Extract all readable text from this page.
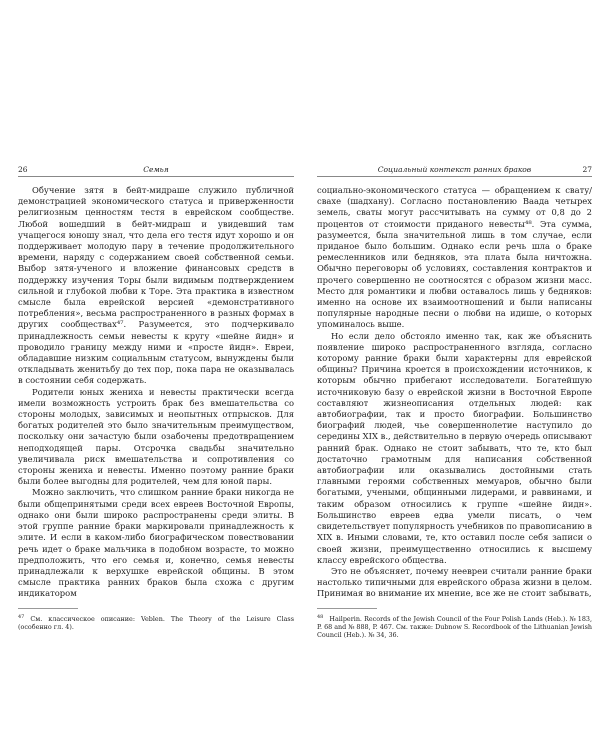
26	Семья

Обучение зятя в бейт-мидраше служило публичной демонстрацией экономического статуса и приверженности религиозным ценностям тестя в еврейском сообществе. Любой вошедший в бейт-мидраш и увидевший там учащегося юношу знал, что дела его тестя идут хорошо и он поддерживает молодую пару в течение продолжительного времени, наряду с содержанием своей собственной семьи. Выбор зятя-ученого и вложение финансовых средств в поддержку изучения Торы были видимым подтверждением сильной и глубокой любви к Торе. Эта практика в известном смысле была еврейской версией «демонстративного потребления», весьма распространенного в разных формах в других сообществах⁴⁷. Разумеется, это подчеркивало принадлежность семьи невесты к кругу «шейне йидн» и проводило границу между ними и «просте йидн». Евреи, обладавшие низким социальным статусом, вынуждены были откладывать женитьбу до тех пор, пока пара не оказывалась в состоянии себя содержать.

Родители юных жениха и невесты практически всегда имели возможность устроить брак без вмешательства со стороны молодых, зависимых и неопытных отпрысков. Для богатых родителей это было значительным преимуществом, поскольку они зачастую были озабочены предотвращением неподходящей пары. Отсрочка свадьбы значительно увеличивала риск вмешательства и сопротивления со стороны жениха и невесты. Именно поэтому ранние браки были более выгодны для родителей, чем для юной пары.

Можно заключить, что слишком ранние браки никогда не были общепринятыми среди всех евреев Восточной Европы, однако они были широко распространены среди элиты. В этой группе ранние браки маркировали принадлежность к элите. И если в каком-либо биографическом повествовании речь идет о браке мальчика в подобном возрасте, то можно предположить, что его семья и, конечно, семья невесты принадлежали к верхушке еврейской общины. В этом смысле практика ранних браков была схожа с другим индикатором

$^{47}$ См. классическое описание: Veblen. The Theory of the Leisure Class (особенно гл. 4).
Социальный контекст ранних браков	27

социально-экономического статуса — обращением к свату/свахе (шадхану). Согласно постановлению Ваада четырех земель, сваты могут рассчитывать на сумму от 0,8 до 2 процентов от стоимости приданого невесты⁴⁸. Эта сумма, разумеется, была значительной лишь в том случае, если приданое было большим. Однако если речь шла о браке ремесленников или бедняков, эта плата была ничтожна. Обычно переговоры об условиях, составления контрактов и прочего совершенно не соотносятся с образом жизни масс. Место для романтики и любви оставалось лишь у бедняков: именно на основе их взаимоотношений и были написаны популярные народные песни о любви на идише, о которых упоминалось выше.

Но если дело обстояло именно так, как же объяснить появление широко распространенного взгляда, согласно которому ранние браки были характерны для еврейской общины? Причина кроется в происхождении источников, к которым обычно прибегают исследователи. Богатейшую источниковую базу о еврейской жизни в Восточной Европе составляют жизнеописания отдельных людей: как автобиографии, так и просто биографии. Большинство биографий людей, чье совершеннолетие наступило до середины XIX в., действительно в первую очередь описывают ранний брак. Однако не стоит забывать, что те, кто был достаточно грамотным для написания собственной автобиографии или оказывались достойными стать главными героями собственных мемуаров, обычно были богатыми, учеными, общинными лидерами, и раввинами, и таким образом относились к группе «шейне йидн». Большинство евреев едва умели писать, о чем свидетельствует популярность учебников по правописанию в XIX в. Иными словами, те, кто оставил после себя записи о своей жизни, преимущественно относились к высшему классу еврейского общества.

Это не объясняет, почему неевреи считали ранние браки настолько типичными для еврейского образа жизни в целом. Принимая во внимание их мнение, все же не стоит забывать,

$^{48}$ Hailperin. Records of the Jewish Council of the Four Polish Lands (Heb.). № 183, P. 68 and № 888, P. 467. См. также: Dubnow S. Recordbook of the Lithuanian Jewish Council (Heb.). № 34, 36.
